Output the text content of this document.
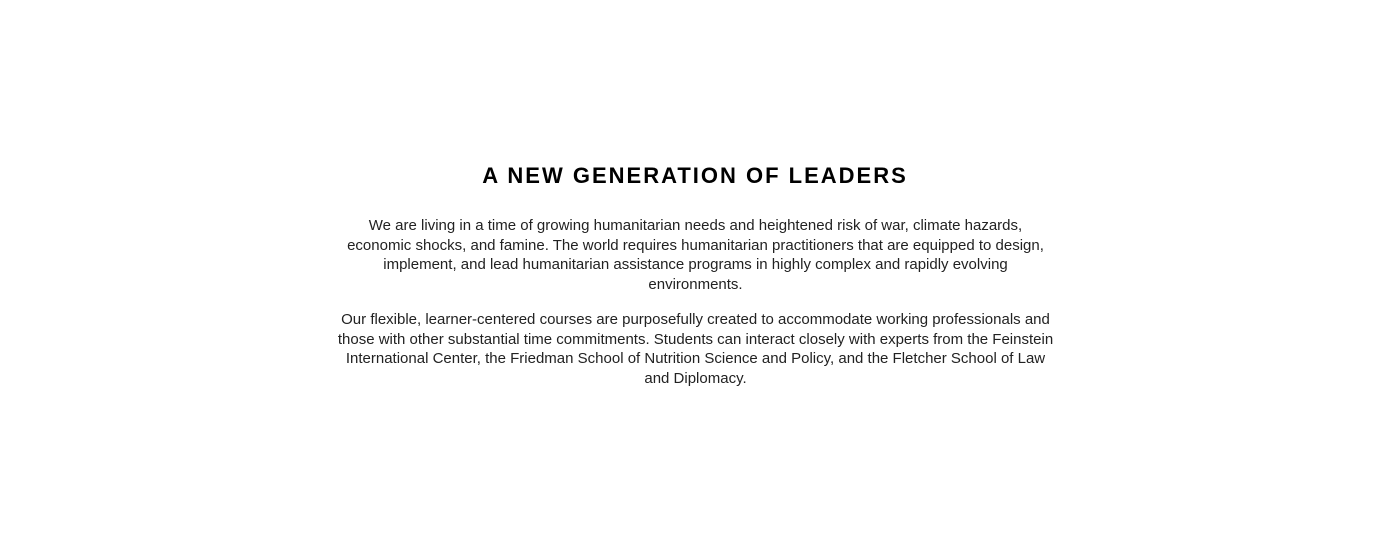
A NEW GENERATION OF LEADERS

We are living in a time of growing humanitarian needs and heightened risk of war, climate hazards, economic shocks, and famine. The world requires humanitarian practitioners that are equipped to design, implement, and lead humanitarian assistance programs in highly complex and rapidly evolving environments.

Our flexible, learner-centered courses are purposefully created to accommodate working professionals and those with other substantial time commitments. Students can interact closely with experts from the Feinstein International Center, the Friedman School of Nutrition Science and Policy, and the Fletcher School of Law and Diplomacy.
